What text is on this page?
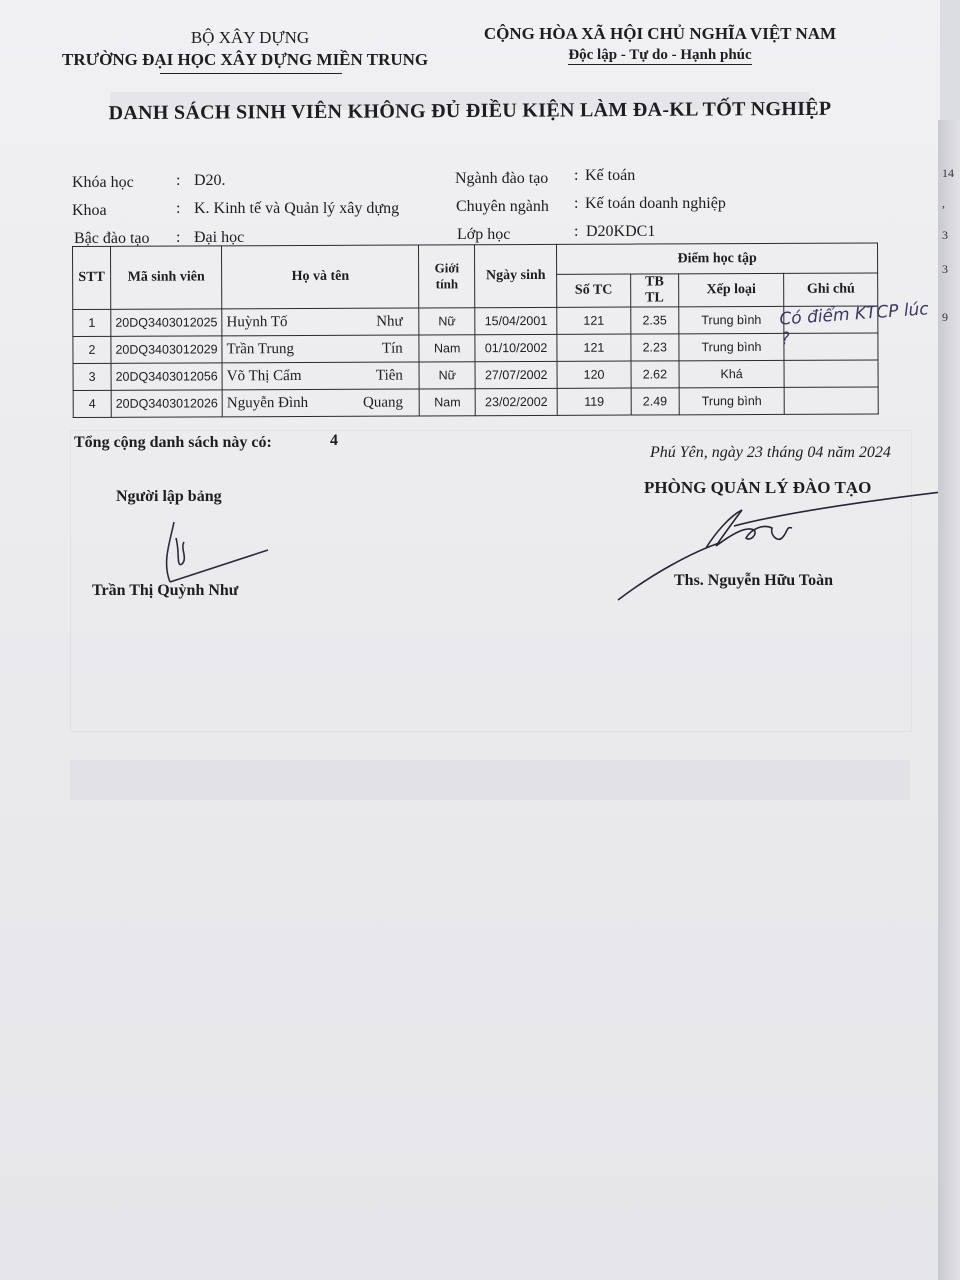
BỘ XÂY DỰNG
TRƯỜNG ĐẠI HỌC XÂY DỰNG MIỀN TRUNG
CỘNG HÒA XÃ HỘI CHỦ NGHĨA VIỆT NAM
Độc lập - Tự do - Hạnh phúc
DANH SÁCH SINH VIÊN KHÔNG ĐỦ ĐIỀU KIỆN LÀM ĐA-KL TỐT NGHIỆP
Khóa học	: D20.
Khoa	: K. Kinh tế và Quản lý xây dựng
Bậc đào tạo : Đại học
Ngành đào tạo : Kế toán
Chuyên ngành : Kế toán doanh nghiệp
Lớp học	: D20KDC1
STT	Mã sinh viên	Họ và tên	Giới tính	Ngày sinh	Điểm học tập			
					Số TC	TB TL	Xếp loại	Ghi chú
1	20DQ3403012025	Huỳnh Tố Như	Nữ	15/04/2001	121	2.35	Trung bình	
2	20DQ3403012029	Trần Trung Tín	Nam	01/10/2002	121	2.23	Trung bình	
3	20DQ3403012056	Võ Thị Cẩm Tiên	Nữ	27/07/2002	120	2.62	Khá	
4	20DQ3403012026	Nguyễn Đình Quang	Nam	23/02/2002	119	2.49	Trung bình	
Có điểm KTCP lúc ?
Tổng cộng danh sách này có:	4
Phú Yên, ngày 23 tháng 04 năm 2024
PHÒNG QUẢN LÝ ĐÀO TẠO
Người lập bảng
Trần Thị Quỳnh Như
Ths. Nguyễn Hữu Toàn
14
,
3
3
9
